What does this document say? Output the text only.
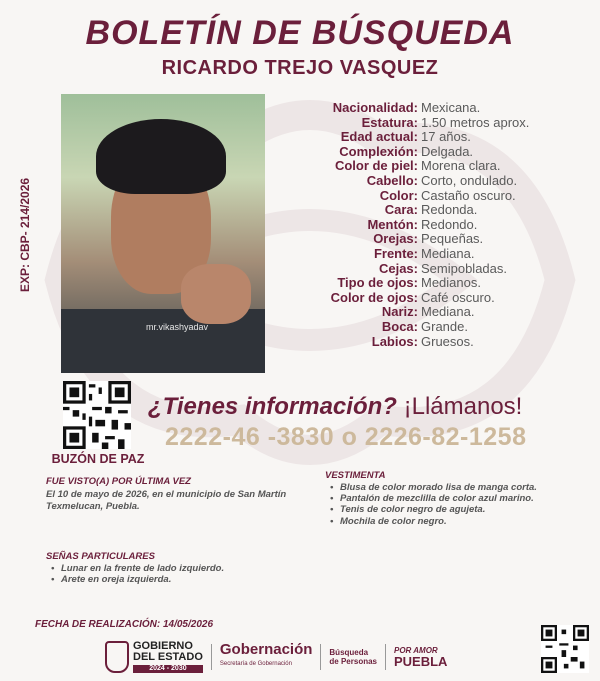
BOLETÍN DE BÚSQUEDA
RICARDO TREJO VASQUEZ
EXP: CBP- 214/2026
mr.vikashyadav
Nacionalidad: Mexicana.
Estatura: 1.50 metros aprox.
Edad actual: 17 años.
Complexión: Delgada.
Color de piel: Morena clara.
Cabello: Corto, ondulado.
Color: Castaño oscuro.
Cara: Redonda.
Mentón: Redondo.
Orejas: Pequeñas.
Frente: Mediana.
Cejas: Semipobladas.
Tipo de ojos: Medianos.
Color de ojos: Café oscuro.
Nariz: Mediana.
Boca: Grande.
Labios: Gruesos.
BUZÓN DE PAZ
¿Tienes información? ¡Llámanos!
2222-46 -3830 o 2226-82-1258
FUE VISTO(A) POR ÚLTIMA VEZ
El 10 de mayo de 2026, en el municipio de San Martín Texmelucan, Puebla.
VESTIMENTA
• Blusa de color morado lisa de manga corta.
• Pantalón de mezclilla de color azul marino.
• Tenis de color negro de agujeta.
• Mochila de color negro.
SEÑAS PARTICULARES
• Lunar en la frente de lado izquierdo.
• Arete en oreja izquierda.
FECHA DE REALIZACIÓN: 14/05/2026
GOBIERNO
DEL ESTADO
2024 - 2030
Gobernación
Secretaría de Gobernación
Búsqueda
de Personas
POR AMOR
PUEBLA
